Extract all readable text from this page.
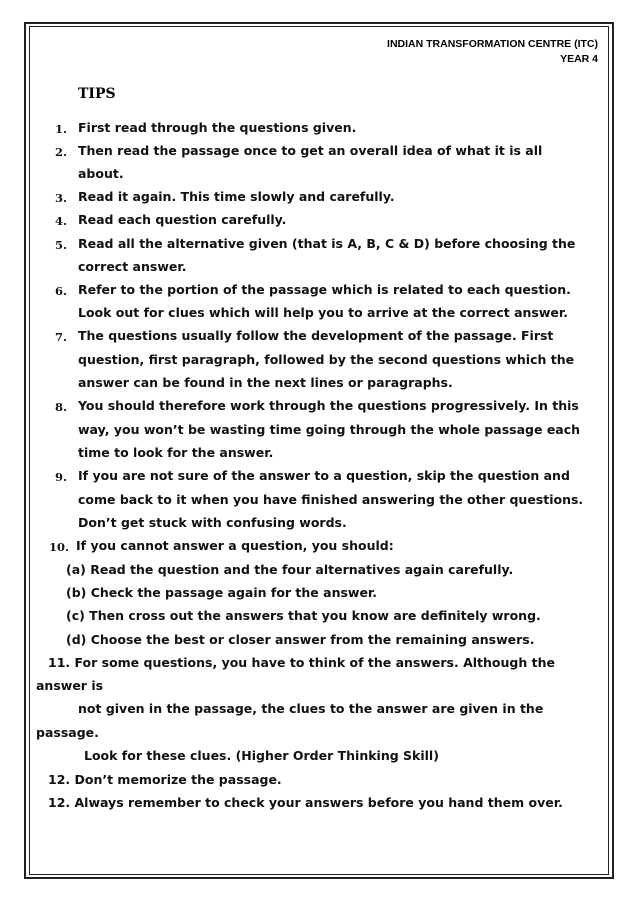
INDIAN TRANSFORMATION CENTRE (ITC)
YEAR 4
TIPS
1. First read through the questions given.
2. Then read the passage once to get an overall idea of what it is all
about.
3. Read it again. This time slowly and carefully.
4. Read each question carefully.
5. Read all the alternative given (that is A, B, C & D) before choosing the
correct answer.
6. Refer to the portion of the passage which is related to each question.
Look out for clues which will help you to arrive at the correct answer.
7. The questions usually follow the development of the passage. First
question, first paragraph, followed by the second questions which the
answer can be found in the next lines or paragraphs.
8. You should therefore work through the questions progressively. In this
way, you won’t be wasting time going through the whole passage each
time to look for the answer.
9. If you are not sure of the answer to a question, skip the question and
come back to it when you have finished answering the other questions.
Don’t get stuck with confusing words.
10. If you cannot answer a question, you should:
(a) Read the question and the four alternatives again carefully.
(b) Check the passage again for the answer.
(c) Then cross out the answers that you know are definitely wrong.
(d) Choose the best or closer answer from the remaining answers.
11. For some questions, you have to think of the answers. Although the
answer is
not given in the passage, the clues to the answer are given in the
passage.
Look for these clues. (Higher Order Thinking Skill)
12. Don’t memorize the passage.
12. Always remember to check your answers before you hand them over.
